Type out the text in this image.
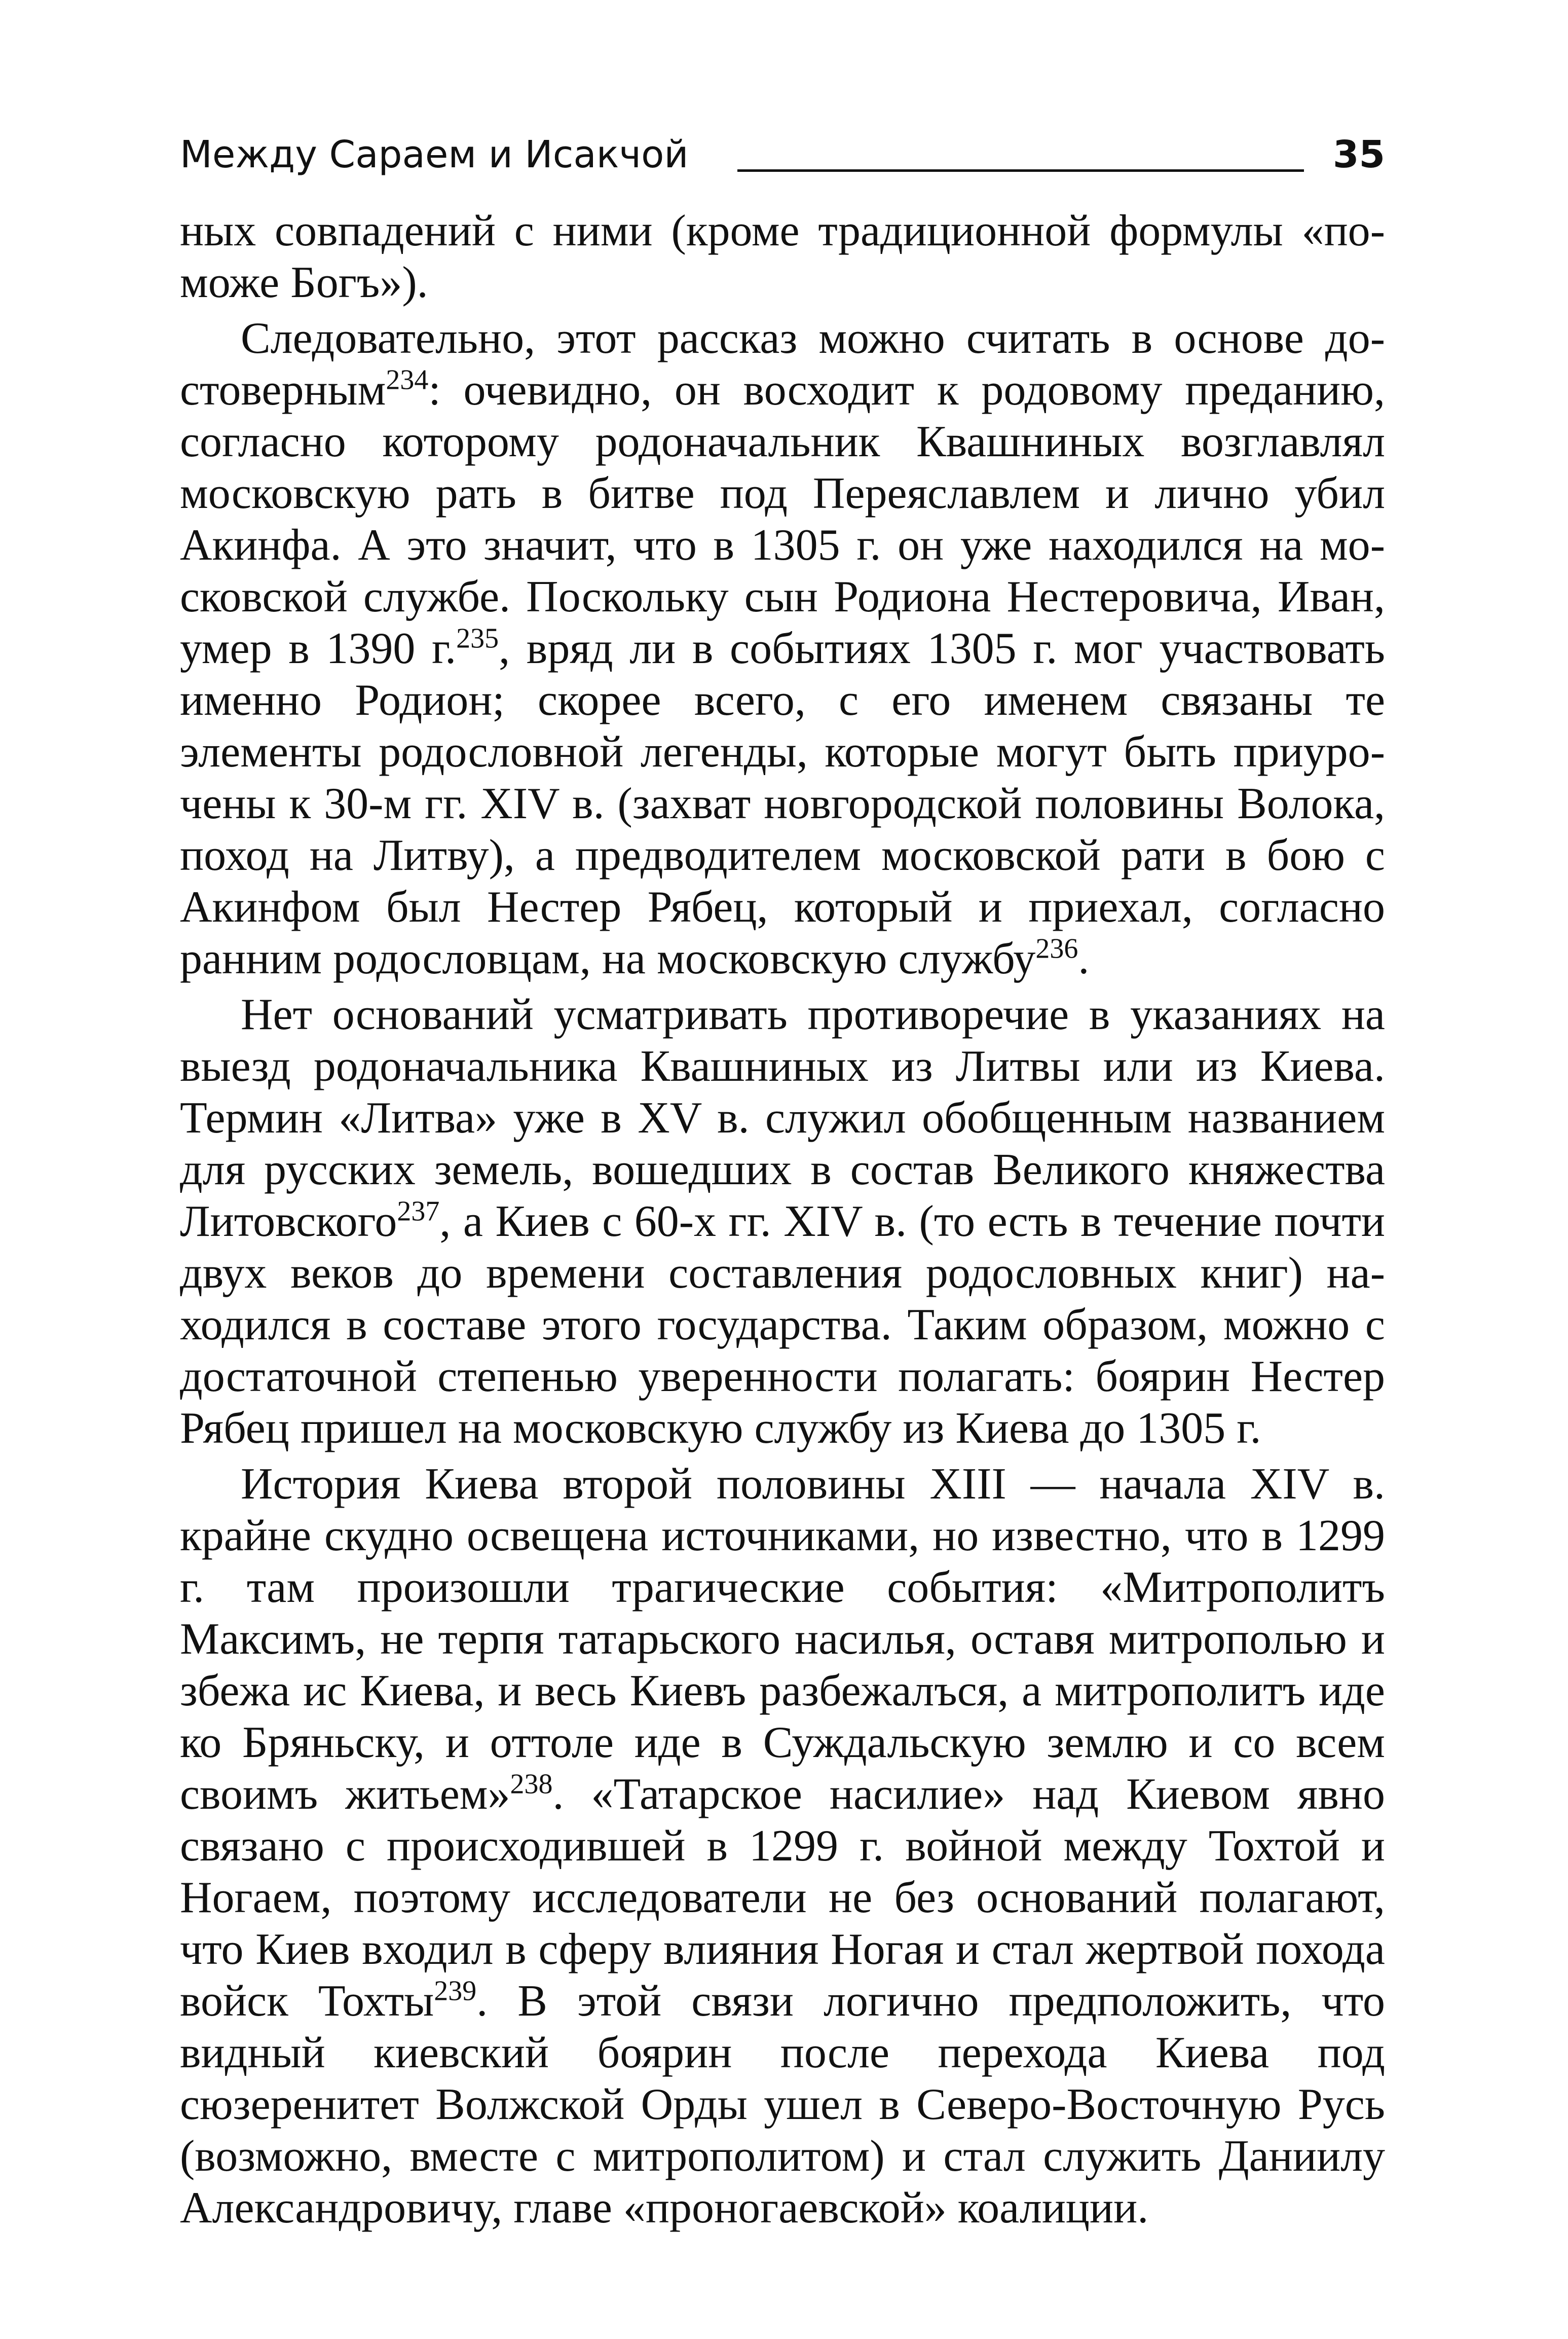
Между Сараем и Исакчой	35

ных совпадений с ними (кроме традиционной формулы «поможе Богъ»).

Следовательно, этот рассказ можно считать в основе достоверным$^{234}$: очевидно, он восходит к родовому преданию, согласно которому родоначальник Квашниных возглавлял московскую рать в битве под Переяславлем и лично убил Акинфа. А это значит, что в 1305 г. он уже находился на московской службе. Поскольку сын Родиона Нестеровича, Иван, умер в 1390 г.$^{235}$, вряд ли в событиях 1305 г. мог участвовать именно Родион; скорее всего, с его именем связаны те элементы родословной легенды, которые могут быть приурочены к 30-м гг. XIV в. (захват новгородской половины Волока, поход на Литву), а предводителем московской рати в бою с Акинфом был Нестер Рябец, который и приехал, согласно ранним родословцам, на московскую службу$^{236}$.

Нет оснований усматривать противоречие в указаниях на выезд родоначальника Квашниных из Литвы или из Киева. Термин «Литва» уже в XV в. служил обобщенным названием для русских земель, вошедших в состав Великого княжества Литовского$^{237}$, а Киев с 60-х гг. XIV в. (то есть в течение почти двух веков до времени составления родословных книг) находился в составе этого государства. Таким образом, можно с достаточной степенью уверенности полагать: боярин Нестер Рябец пришел на московскую службу из Киева до 1305 г.

История Киева второй половины XIII — начала XIV в. крайне скудно освещена источниками, но известно, что в 1299 г. там произошли трагические события: «Митрополитъ Максимъ, не терпя татарьского насилья, оставя митрополью и збежа ис Киева, и весь Киевъ разбежалъся, а митрополитъ иде ко Бряньску, и оттоле иде в Суждальскую землю и со всем своимъ житьем»$^{238}$. «Татарское насилие» над Киевом явно связано с происходившей в 1299 г. войной между Тохтой и Ногаем, поэтому исследователи не без оснований полагают, что Киев входил в сферу влияния Ногая и стал жертвой похода войск Тохты$^{239}$. В этой связи логично предположить, что видный киевский боярин после перехода Киева под сюзеренитет Волжской Орды ушел в Северо-Восточную Русь (возможно, вместе с митрополитом) и стал служить Даниилу Александровичу, главе «проногаевской» коалиции.
